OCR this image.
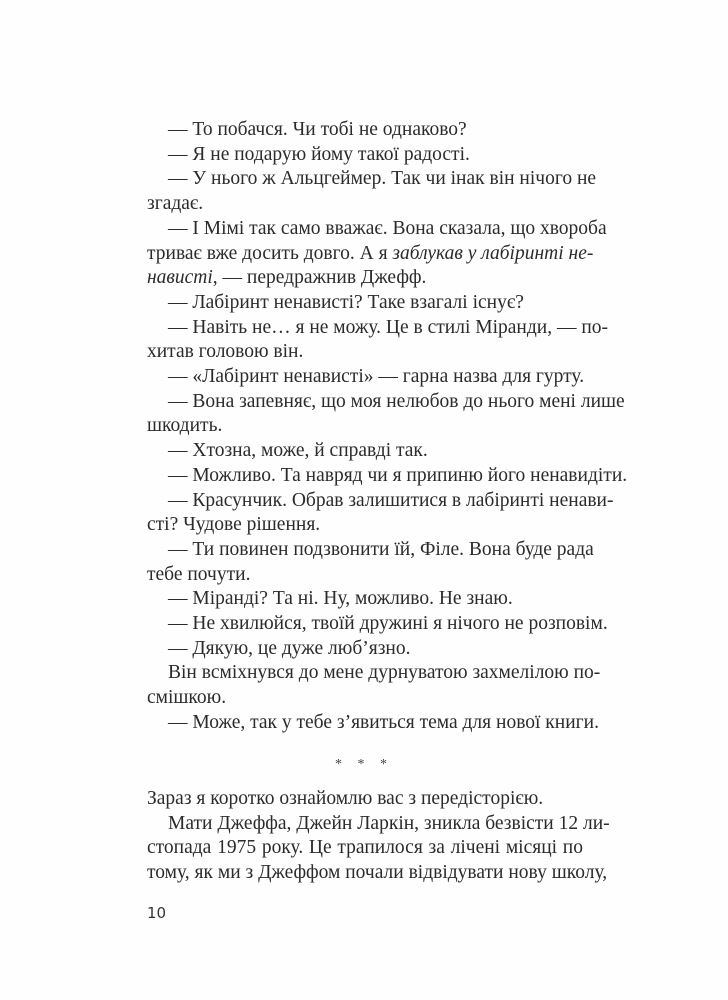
— То побачся. Чи тобі не однаково?
— Я не подарую йому такої радості.
— У нього ж Альцгеймер. Так чи інак він нічого не
згадає.
— І Мімі так само вважає. Вона сказала, що хвороба
триває вже досить довго. А я заблукав у лабіринті не-
нависті, — передражнив Джефф.
— Лабіринт ненависті? Таке взагалі існує?
— Навіть не… я не можу. Це в стилі Міранди, — по-
хитав головою він.
— «Лабіринт ненависті» — гарна назва для гурту.
— Вона запевняє, що моя нелюбов до нього мені лише
шкодить.
— Хтозна, може, й справді так.
— Можливо. Та навряд чи я припиню його ненавидіти.
— Красунчик. Обрав залишитися в лабіринті ненави-
сті? Чудове рішення.
— Ти повинен подзвонити їй, Філе. Вона буде рада
тебе почути.
— Міранді? Та ні. Ну, можливо. Не знаю.
— Не хвилюйся, твоїй дружині я нічого не розповім.
— Дякую, це дуже люб’язно.
Він всміхнувся до мене дурнуватою захмелілою по-
смішкою.
— Може, так у тебе з’явиться тема для нової книги.
Зараз я коротко ознайомлю вас з передісторією.
Мати Джеффа, Джейн Ларкін, зникла безвісти 12 ли-
стопада 1975 року. Це трапилося за лічені місяці по
тому, як ми з Джеффом почали відвідувати нову школу,
* * *
10
